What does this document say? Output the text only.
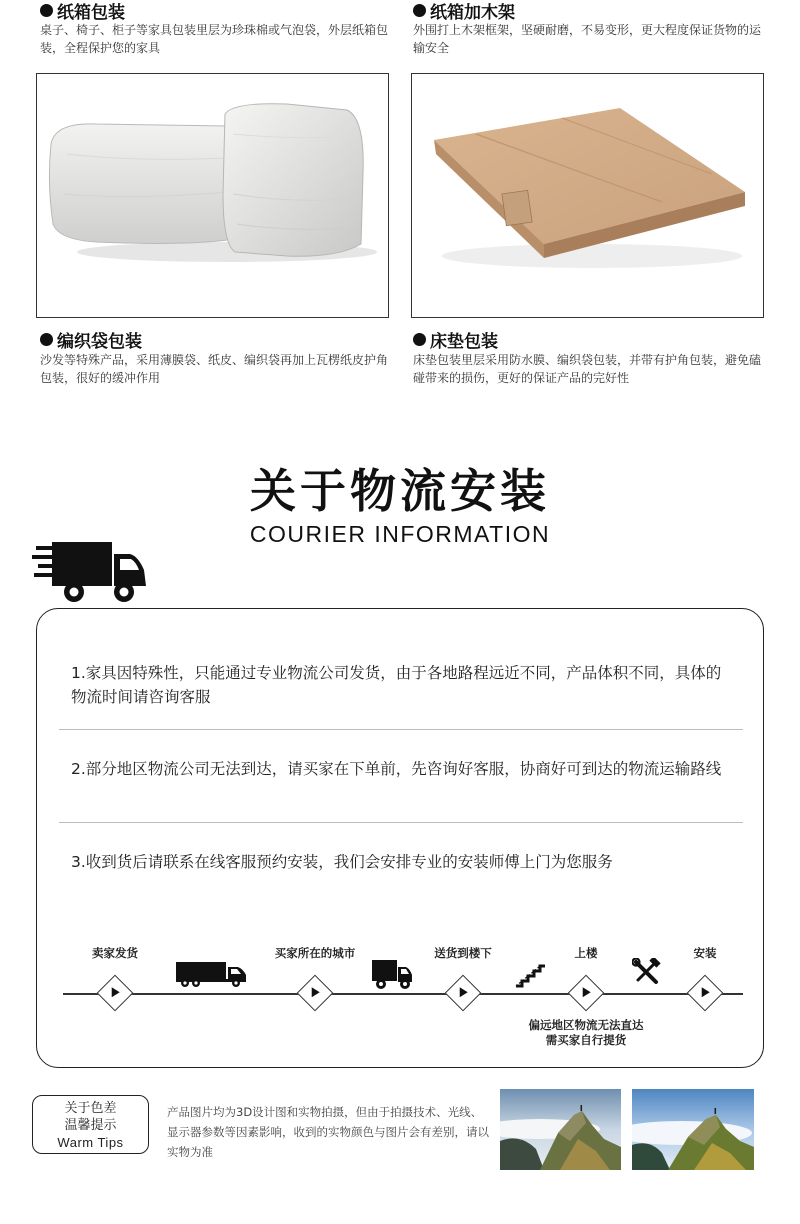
纸箱包装
桌子、椅子、柜子等家具包装里层为珍珠棉或气泡袋，外层纸箱包装，全程保护您的家具
纸箱加木架
外围打上木架框架，坚硬耐磨，不易变形，更大程度保证货物的运输安全
编织袋包装
沙发等特殊产品，采用薄膜袋、纸皮、编织袋再加上瓦楞纸皮护角包装，很好的缓冲作用
床垫包装
床垫包装里层采用防水膜、编织袋包装，并带有护角包装，避免磕碰带来的损伤，更好的保证产品的完好性
关于物流安装
COURIER INFORMATION
1.家具因特殊性，只能通过专业物流公司发货，由于各地路程远近不同，产品体积不同，具体的物流时间请咨询客服
2.部分地区物流公司无法到达，请买家在下单前，先咨询好客服，协商好可到达的物流运输路线
3.收到货后请联系在线客服预约安装，我们会安排专业的安装师傅上门为您服务
卖家发货	买家所在的城市	送货到楼下	上楼	安装
偏远地区物流无法直达
需买家自行提货
关于色差
温馨提示
Warm Tips
产品图片均为3D设计图和实物拍摄，但由于拍摄技术、光线、显示器参数等因素影响，收到的实物颜色与图片会有差别，请以实物为准
